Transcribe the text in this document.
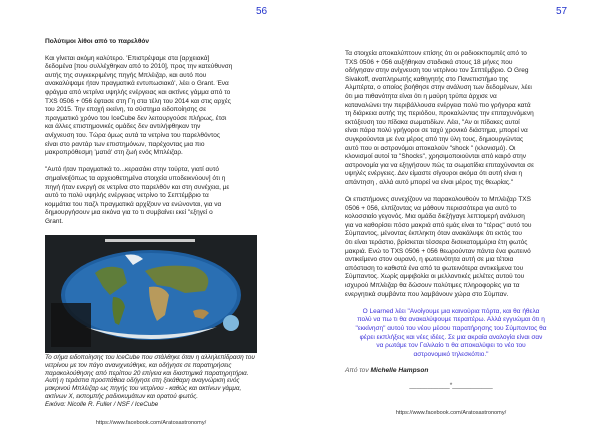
56	57
Πολύτιμοι λίθοι από το παρελθόν
Και γίνεται ακόμη καλύτερο. 'Επιστρέψαμε στα [αρχειακά]
δεδομένα [που συλλέχθηκαν από το 2010], προς την κατεύθυνση
αυτής της συγκεκριμένης πηγής Μπλέιζαρ, και αυτό που
ανακαλύψαμε ήταν πραγματικά εντυπωσιακό', λέει ο Grant. Ένα
φράγμα από νετρίνα υψηλής ενέργειας και ακτίνες γάμμα από το
TXS 0506 + 056 έφτασε στη Γη στα τέλη του 2014 και στις αρχές
του 2015. Την εποχή εκείνη, το σύστημα ειδοποίησης σε
πραγματικό χρόνο του IceCube δεν λειτουργούσε πλήρως, έτσι
και άλλες επιστημονικές ομάδες δεν αντιλήφθηκαν την
ανίχνευση του. Τώρα όμως αυτά τα νετρίνα του παρελθόντος
είναι στο ραντάρ των επιστημόνων, παρέχοντας μια πιο
μακροπρόθεσμη 'ματιά' στη ζωή ενός Μπλέιζαρ.
"Αυτό ήταν πραγματικά το...κερασάκι στην τούρτα, γιατί αυτό
σημαίνει[όπως τα αρχειοθετημένα στοιχεία υποδεικνύουν] ότι η
πηγή ήταν ενεργή σε νετρίνα στο παρελθόν και στη συνέχεια, με
αυτό το πολύ υψηλής ενέργειας νετρίνο το Σεπτέμβριο τα
κομμάτια του παζλ πραγματικά αρχίζουν να ενώνονται, για να
δημιουργήσουν μια εικόνα για το τι συμβαίνει εκεί "εξηγεί ο
Grant.
Το σήμα ειδοποίησης του IceCube που στάλθηκε όταν η αλληλεπίδραση του
νετρίνου με τον πάγο ανανιχνεύθηκε, και οδήγησε σε παρατηρήσεις
παρακολούθησης από περίπου 20 επίγεια και διαστημικά παρατηρητήρια.
Αυτή η τεράστια προσπάθεια οδήγησε στη ξεκάθαρη αναγνώριση ενός
μακρινού Μπλέιζαρ ως πηγής του νετρίνου - καθώς και ακτίνων γάμμα,
ακτίνων Χ, εκπομπής ραδιοκυμάτων και ορατού φωτός.
Εικόνα: Nicolle R. Fuller / NSF / IceCube
https://www.facebook.com/Aratosastronomy/
Τα στοιχεία αποκαλύπτουν επίσης ότι οι ραδιοεκπομπές από το
TXS 0506 + 056 αυξήθηκαν σταδιακά στους 18 μήνες που
οδήγησαν στην ανίχνευση του νετρίνου τον Σεπτέμβριο. Ο Greg
Sivakoff, αναπληρωτής καθηγητής στο Πανεπιστήμιο της
Αλμπέρτα, ο οποίος βοήθησε στην ανάλυση των δεδομένων, λέει
ότι μια πιθανότητα είναι ότι η μαύρη τρύπα άρχισε να
καταναλώνει την περιβάλλουσα ενέργεια πολύ πιο γρήγορα κατά
τη διάρκεια αυτής της περιόδου, προκαλώντας την επιταχυνόμενη
εκτόξευση του πίδακα σωματιδίων. Λέει, "Αν οι πίδακες αυτοί
είναι πάρα πολύ γρήγοροι σε ταχύ χρονικό διάστημα, μπορεί να
συγκρούονται με ένα μέρος από την ύλη τους, δημιουργώντας
αυτό που οι αστρονόμοι αποκαλούν "shock " (κλονισμό). Οι
κλονισμοί αυτοί τα "Shocks", χρησιμοποιούνται από καιρό στην
αστρονομία για να εξηγήσουν πώς τα σωματίδια επιταχύνονται σε
υψηλές ενέργειες. Δεν είμαστε σίγουροι ακόμα ότι αυτή είναι η
απάντηση , αλλά αυτό μπορεί να είναι μέρος της θεωρίας."
Οι επιστήμονες συνεχίζουν να παρακολουθούν το Μπλέιζαρ TXS
0506 + 056, ελπίζοντας να μάθουν περισσότερα για αυτό το
κολοσσιαίο γεγονός. Μια ομάδα διεξήγαγε λεπτομερή ανάλυση
για να καθορίσει πόσο μακριά από εμάς είναι το "τέρας" αυτό του
Σύμπαντος, μένοντας έκπληκτη όταν ανακάλυψε ότι εκτός του
ότι είναι τεράστιο, βρίσκεται τέσσερα δισεκατομμύρια έτη φωτός
μακριά. Ενώ το TXS 0506 + 056 θεωρούνταν πάντα ένα φωτεινό
αντικείμενο στον ουρανό, η φωτεινότητα αυτή σε μια τέτοια
απόσταση το καθιστά ένα από τα φωτεινότερα αντικείμενα του
Σύμπαντος. Χωρίς αμφιβολία οι μελλοντικές μελέτες αυτού του
ισχυρού Μπλέιζαρ θα δώσουν πολύτιμες πληροφορίες για τα
ενεργητικά συμβάντα που λαμβάνουν χώρα στο Σύμπαν.
Ο Learned λέει "Ανοίγουμε μια καινούρια πόρτα, και θα ήθελα
πολύ να πω τι θα ανακαλύψουμε περαιτέρω. Αλλά εγγυώμαι ότι η
"εκκίνηση" αυτού του νέου μέσου παρατήρησης του Σύμπαντος θα
φέρει εκπλήξεις και νέες ιδέες. Σε μια ακραία αναλογία είναι σαν
να ρωτάμε τον Γαλιλαίο τι θα αποκαλύψει το νέο του
αστρονομικό τηλεσκόπιο."
Από τον Michelle Hampson
___________*___________
https://www.facebook.com/Aratosastronomy/
